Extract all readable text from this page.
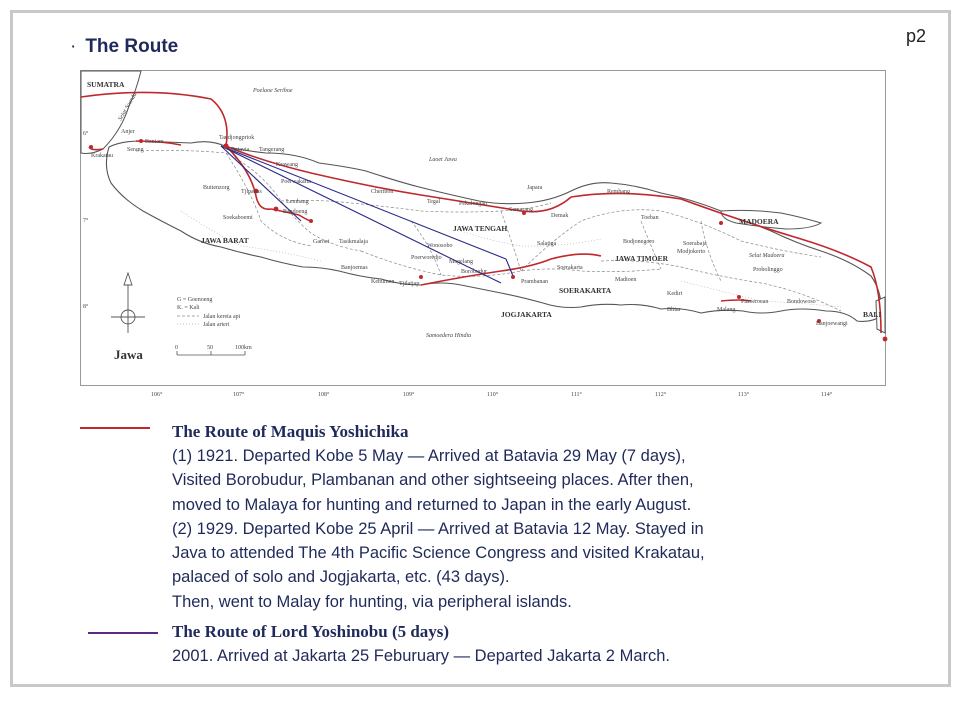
p2
· The Route
SUMATRA
Poelaoe Seriboe
Selat Soenda
Laoet Jawa
Samoedera Hindia
MADOERA
BALI
Selat Madoera
JAWA BARAT
JAWA TENGAH
JAWA TIMOER
SOERAKARTA
JOGJAKARTA
Tandjongpriok
Batavia
Bantam
Serang
Anjer
Krakatau
Tangerang
Krawang
Poerwakarta
Buitenzorg
Tjipanas
Soekaboemi
Bandoeng
Lembang
Garoet Tasikmalaja
Tjilatjap
Cheribon
Tegal	Pekalongan
Semarang
Demak
Japara
Rembang
Toeban
Bodjonegoro	Soerabaja
Modjokerto
Malang
Pasoeroean
Probolinggo
Bondowoso
Banjoewangi
Kediri
Blitar
Madioen
Magelang
Salatiga
Soerakarta
Prambanan
Borobudur
Wonosobo
Banjoemas
Kebumen
Poerworedjo
Jawa
G = Goenoeng
K. = Kali
Jalan kereta api
Jalan arteri
0	50	100km
6°
7°
8°
106°	107°	108°	109°	110°	111°	112°	113°	114°
The Route of Maquis Yoshichika
(1) 1921. Departed Kobe 5 May ― Arrived at Batavia 29 May (7 days),
Visited Borobudur, Plambanan and other sightseeing places. After then,
moved to Malaya for hunting and returned to Japan in the early August.
(2) 1929. Departed Kobe 25 April ― Arrived at Batavia 12 May. Stayed in
Java to attended The 4th Pacific Science Congress and visited Krakatau,
palaced of solo and Jogjakarta, etc. (43 days).
Then, went to Malay for hunting, via peripheral islands.
The Route of Lord Yoshinobu (5 days)
2001. Arrived at Jakarta 25 Feburuary ― Departed Jakarta 2 March.
